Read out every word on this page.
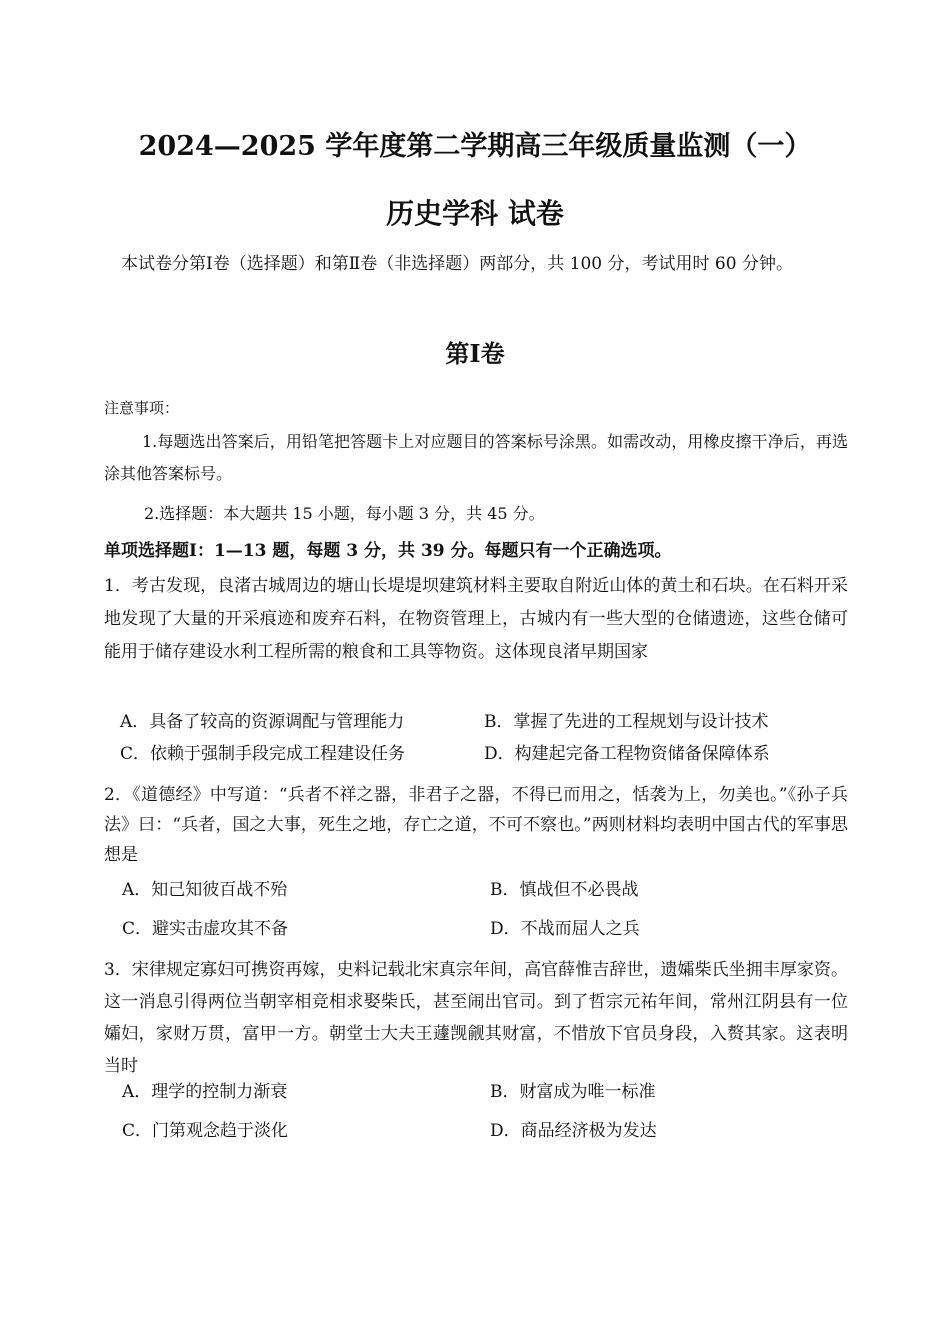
2024—2025 学年度第二学期高三年级质量监测（一）
历史学科 试卷

本试卷分第Ⅰ卷（选择题）和第Ⅱ卷（非选择题）两部分，共 100 分，考试用时 60 分钟。

第Ⅰ卷

注意事项：

1.每题选出答案后，用铅笔把答题卡上对应题目的答案标号涂黑。如需改动，用橡皮擦干净后，再选涂其他答案标号。

2.选择题：本大题共 15 小题，每小题 3 分，共 45 分。

单项选择题Ⅰ：1—13 题，每题 3 分，共 39 分。每题只有一个正确选项。

1．考古发现，良渚古城周边的塘山长堤堤坝建筑材料主要取自附近山体的黄土和石块。在石料开采地发现了大量的开采痕迹和废弃石料，在物资管理上，古城内有一些大型的仓储遗迹，这些仓储可能用于储存建设水利工程所需的粮食和工具等物资。这体现良渚早期国家

A．具备了较高的资源调配与管理能力	B．掌握了先进的工程规划与设计技术
C．依赖于强制手段完成工程建设任务	D．构建起完备工程物资储备保障体系

2．《道德经》中写道：“兵者不祥之器，非君子之器，不得已而用之，恬袭为上，勿美也。”《孙子兵法》曰：“兵者，国之大事，死生之地，存亡之道，不可不察也。”两则材料均表明中国古代的军事思想是

A．知己知彼百战不殆	B．慎战但不必畏战
C．避实击虚攻其不备	D．不战而屈人之兵

3．宋律规定寡妇可携资再嫁，史料记载北宋真宗年间，高官薛惟吉辞世，遗孀柴氏坐拥丰厚家资。这一消息引得两位当朝宰相竞相求娶柴氏，甚至闹出官司。到了哲宗元祐年间，常州江阴县有一位孀妇，家财万贯，富甲一方。朝堂士大夫王蘧觊觎其财富，不惜放下官员身段，入赘其家。这表明当时

A．理学的控制力渐衰	B．财富成为唯一标准
C．门第观念趋于淡化	D．商品经济极为发达
